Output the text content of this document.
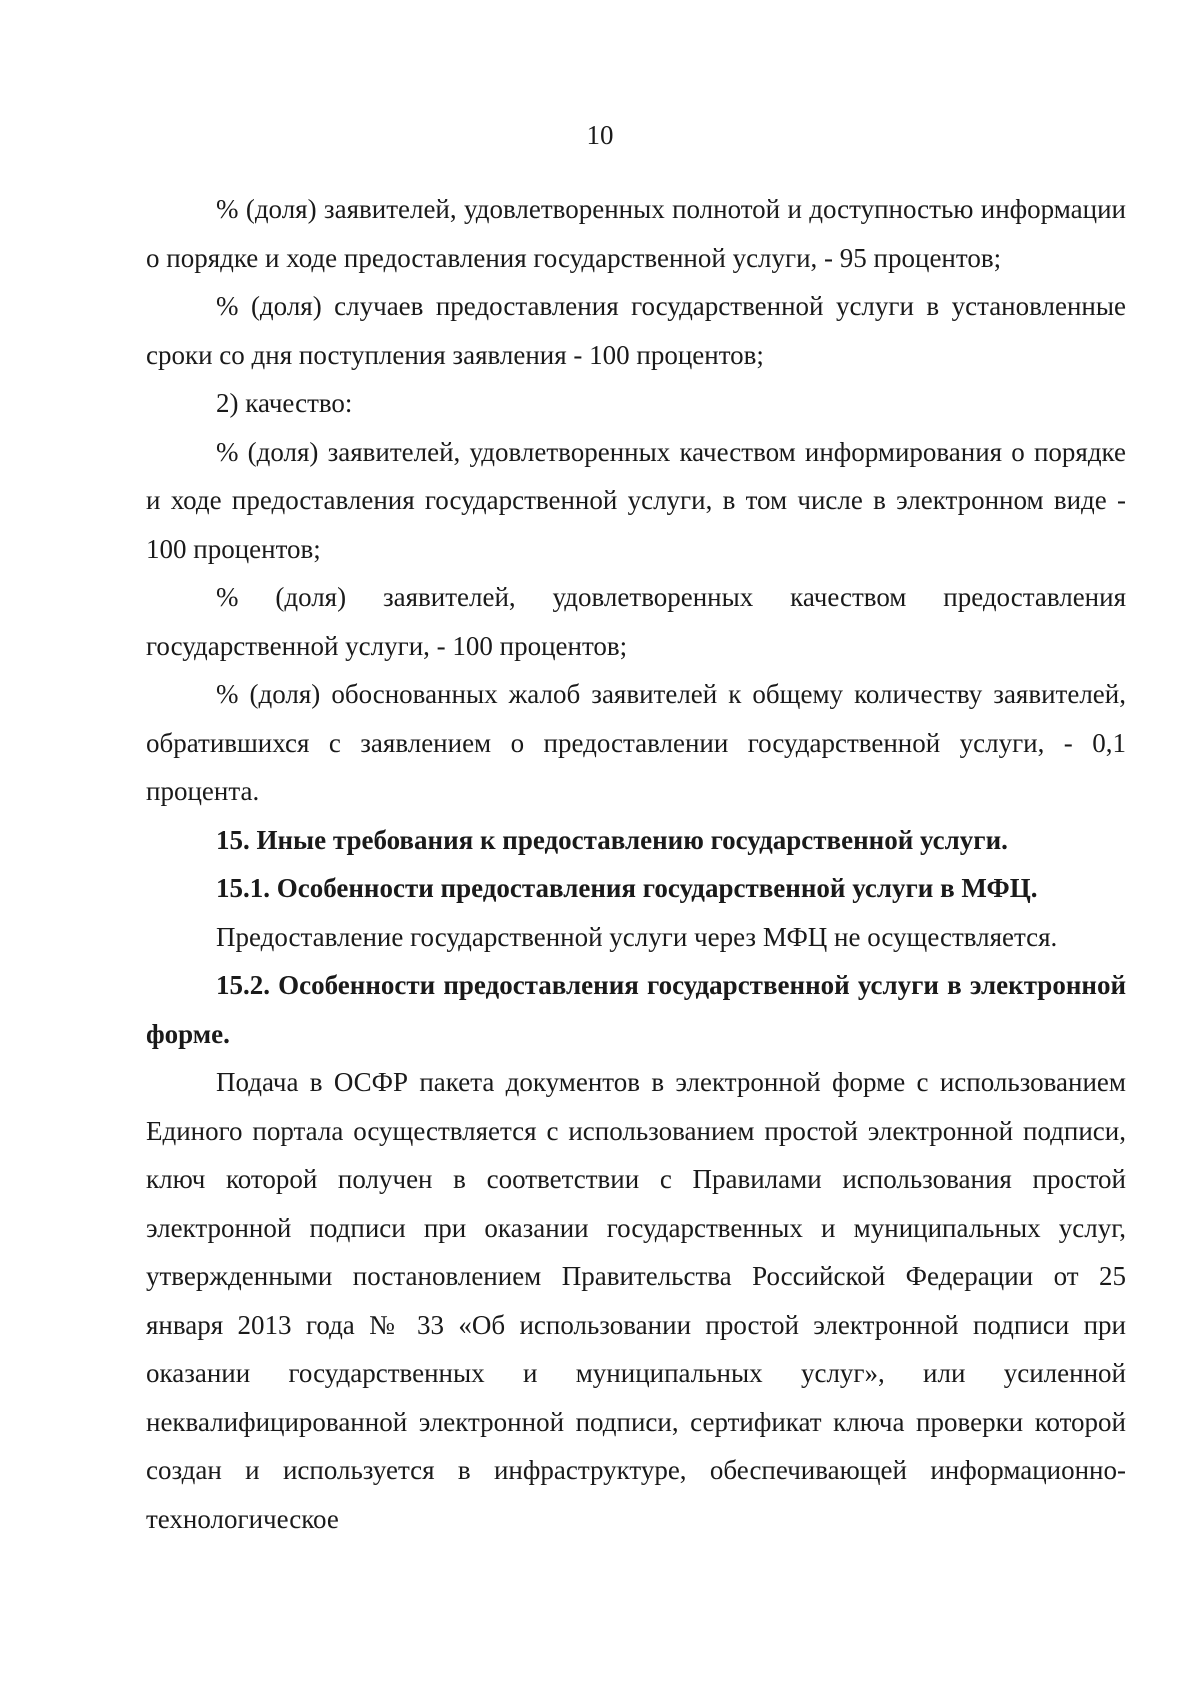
10

% (доля) заявителей, удовлетворенных полнотой и доступностью информации о порядке и ходе предоставления государственной услуги, - 95 процентов;

% (доля) случаев предоставления государственной услуги в установленные сроки со дня поступления заявления - 100 процентов;

2) качество:

% (доля) заявителей, удовлетворенных качеством информирования о порядке и ходе предоставления государственной услуги, в том числе в электронном виде - 100 процентов;

% (доля) заявителей, удовлетворенных качеством предоставления государственной услуги, - 100 процентов;

% (доля) обоснованных жалоб заявителей к общему количеству заявителей, обратившихся с заявлением о предоставлении государственной услуги, - 0,1 процента.

15. Иные требования к предоставлению государственной услуги.

15.1. Особенности предоставления государственной услуги в МФЦ.

Предоставление государственной услуги через МФЦ не осуществляется.

15.2. Особенности предоставления государственной услуги в электронной форме.

Подача в ОСФР пакета документов в электронной форме с использованием Единого портала осуществляется с использованием простой электронной подписи, ключ которой получен в соответствии с Правилами использования простой электронной подписи при оказании государственных и муниципальных услуг, утвержденными постановлением Правительства Российской Федерации от 25 января 2013 года № 33 «Об использовании простой электронной подписи при оказании государственных и муниципальных услуг», или усиленной неквалифицированной электронной подписи, сертификат ключа проверки которой создан и используется в инфраструктуре, обеспечивающей информационно-технологическое
